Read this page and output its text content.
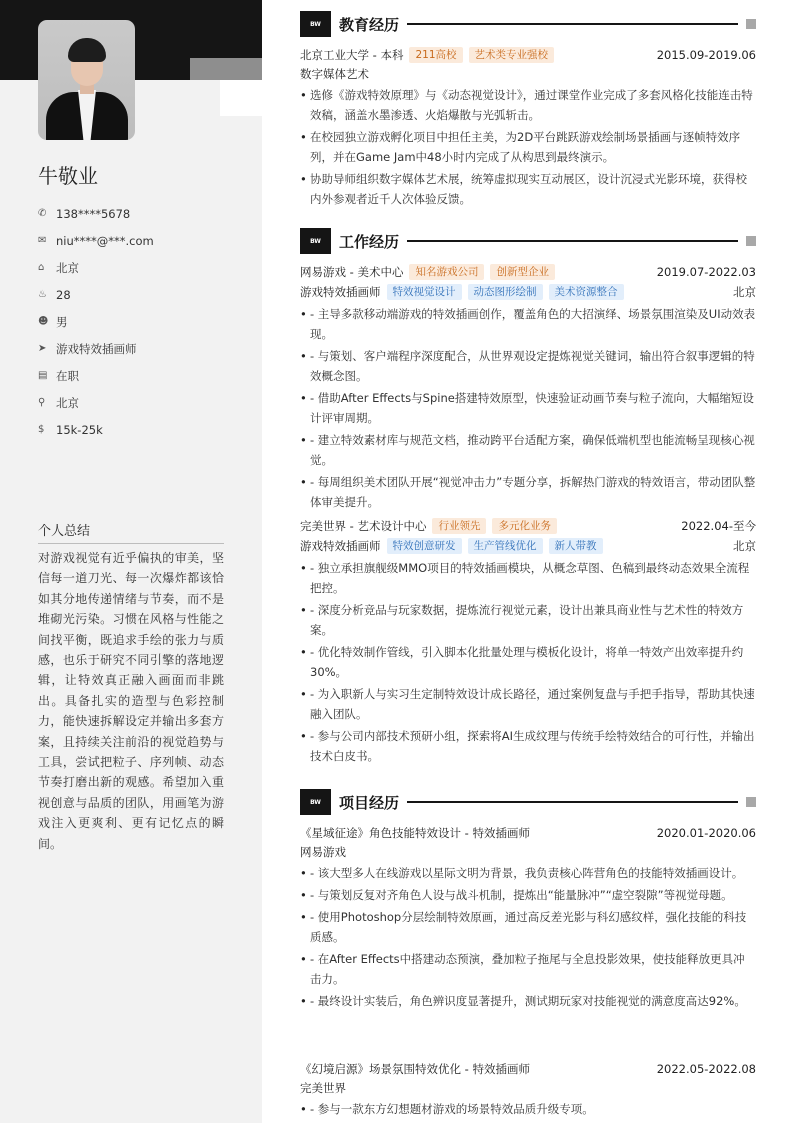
牛敬业
✆ 138****5678
✉ niu****@***.com
⌂	北京
♨ 28
☻ 男
➤ 游戏特效插画师
▤ 在职
⚲ 北京
$	15k-25k
个人总结
对游戏视觉有近乎偏执的审美，坚信每一道刀光、每一次爆炸都该恰如其分地传递情绪与节奏，而不是堆砌光污染。习惯在风格与性能之间找平衡，既追求手绘的张力与质感，也乐于研究不同引擎的落地逻辑，让特效真正融入画面而非跳出。具备扎实的造型与色彩控制力，能快速拆解设定并输出多套方案，且持续关注前沿的视觉趋势与工具，尝试把粒子、序列帧、动态节奏打磨出新的观感。希望加入重视创意与品质的团队，用画笔为游戏注入更爽利、更有记忆点的瞬间。
BW	教育经历
北京工业大学 - 本科	211高校	艺术类专业强校	2015.09-2019.06
数字媒体艺术
• 选修《游戏特效原理》与《动态视觉设计》，通过课堂作业完成了多套风格化技能连击特效稿，涵盖水墨渗透、火焰爆散与光弧斩击。
• 在校园独立游戏孵化项目中担任主美，为2D平台跳跃游戏绘制场景插画与逐帧特效序列，并在Game Jam中48小时内完成了从构思到最终演示。
• 协助导师组织数字媒体艺术展，统筹虚拟现实互动展区，设计沉浸式光影环境，获得校内外参观者近千人次体验反馈。
BW	工作经历
网易游戏 - 美术中心	知名游戏公司	创新型企业	2019.07-2022.03
游戏特效插画师	特效视觉设计	动态图形绘制	美术资源整合	北京
• - 主导多款移动端游戏的特效插画创作，覆盖角色的大招演绎、场景氛围渲染及UI动效表现。
• - 与策划、客户端程序深度配合，从世界观设定提炼视觉关键词，输出符合叙事逻辑的特效概念图。
• - 借助After Effects与Spine搭建特效原型，快速验证动画节奏与粒子流向，大幅缩短设计评审周期。
• - 建立特效素材库与规范文档，推动跨平台适配方案，确保低端机型也能流畅呈现核心视觉。
• - 每周组织美术团队开展“视觉冲击力”专题分享，拆解热门游戏的特效语言，带动团队整体审美提升。
完美世界 - 艺术设计中心	行业领先	多元化业务	2022.04-至今
游戏特效插画师	特效创意研发	生产管线优化	新人带教	北京
• - 独立承担旗舰级MMO项目的特效插画模块，从概念草图、色稿到最终动态效果全流程把控。
• - 深度分析竞品与玩家数据，提炼流行视觉元素，设计出兼具商业性与艺术性的特效方案。
• - 优化特效制作管线，引入脚本化批量处理与模板化设计，将单一特效产出效率提升约30%。
• - 为入职新人与实习生定制特效设计成长路径，通过案例复盘与手把手指导，帮助其快速融入团队。
• - 参与公司内部技术预研小组，探索将AI生成纹理与传统手绘特效结合的可行性，并输出技术白皮书。
BW	项目经历
《星域征途》角色技能特效设计 - 特效插画师	2020.01-2020.06
网易游戏
• - 该大型多人在线游戏以星际文明为背景，我负责核心阵营角色的技能特效插画设计。
• - 与策划反复对齐角色人设与战斗机制，提炼出“能量脉冲”“虚空裂隙”等视觉母题。
• - 使用Photoshop分层绘制特效原画，通过高反差光影与科幻感纹样，强化技能的科技质感。
• - 在After Effects中搭建动态预演，叠加粒子拖尾与全息投影效果，使技能释放更具冲击力。
• - 最终设计实装后，角色辨识度显著提升，测试期玩家对技能视觉的满意度高达92%。
《幻境启源》场景氛围特效优化 - 特效插画师	2022.05-2022.08
完美世界
• - 参与一款东方幻想题材游戏的场景特效品质升级专项。
